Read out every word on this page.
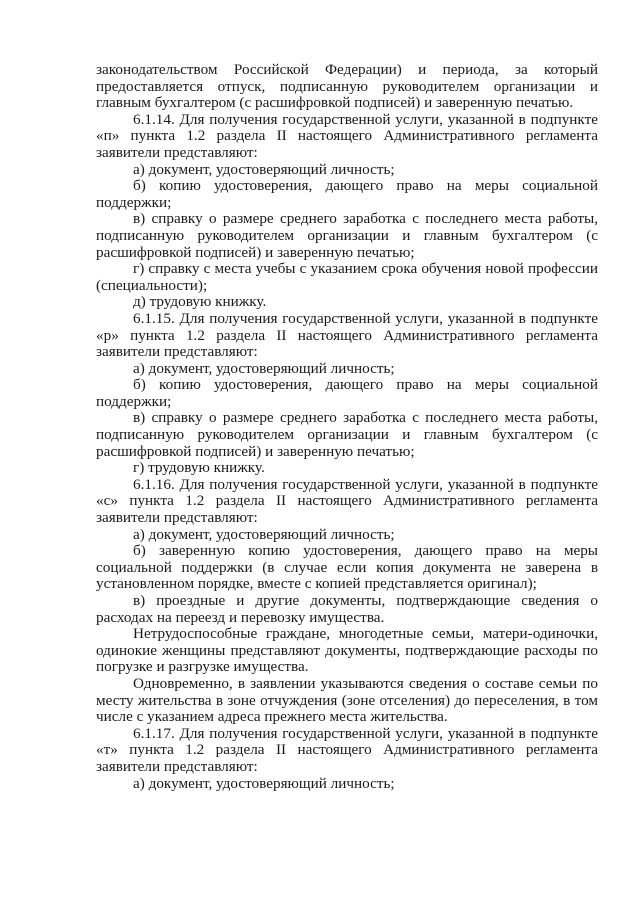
законодательством Российской Федерации) и периода, за который предоставляется отпуск, подписанную руководителем организации и главным бухгалтером (с расшифровкой подписей) и заверенную печатью.

6.1.14. Для получения государственной услуги, указанной в подпункте «п» пункта 1.2 раздела II настоящего Административного регламента заявители представляют:

а) документ, удостоверяющий личность;

б) копию удостоверения, дающего право на меры социальной поддержки;

в) справку о размере среднего заработка с последнего места работы, подписанную руководителем организации и главным бухгалтером (с расшифровкой подписей) и заверенную печатью;

г) справку с места учебы с указанием срока обучения новой профессии (специальности);

д) трудовую книжку.

6.1.15. Для получения государственной услуги, указанной в подпункте «р» пункта 1.2 раздела II настоящего Административного регламента заявители представляют:

а) документ, удостоверяющий личность;

б) копию удостоверения, дающего право на меры социальной поддержки;

в) справку о размере среднего заработка с последнего места работы, подписанную руководителем организации и главным бухгалтером (с расшифровкой подписей) и заверенную печатью;

г) трудовую книжку.

6.1.16. Для получения государственной услуги, указанной в подпункте «с» пункта 1.2 раздела II настоящего Административного регламента заявители представляют:

а) документ, удостоверяющий личность;

б) заверенную копию удостоверения, дающего право на меры социальной поддержки (в случае если копия документа не заверена в установленном порядке, вместе с копией представляется оригинал);

в) проездные и другие документы, подтверждающие сведения о расходах на переезд и перевозку имущества.

Нетрудоспособные граждане, многодетные семьи, матери-одиночки, одинокие женщины представляют документы, подтверждающие расходы по погрузке и разгрузке имущества.

Одновременно, в заявлении указываются сведения о составе семьи по месту жительства в зоне отчуждения (зоне отселения) до переселения, в том числе с указанием адреса прежнего места жительства.

6.1.17. Для получения государственной услуги, указанной в подпункте «т» пункта 1.2 раздела II настоящего Административного регламента заявители представляют:

а) документ, удостоверяющий личность;
